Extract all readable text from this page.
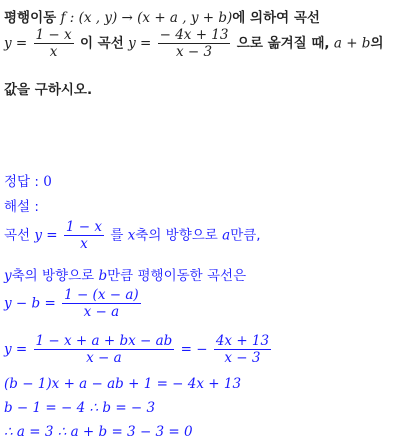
평행이동 f : (x , y) → (x + a , y + b)에 의하여 곡선
$y = \frac{1 - x}{x}$ 이 곡선 $y = \frac{- 4x + 13}{x - 3}$ 으로 옮겨질 때, a + b의
값을 구하시오.
정답 : 0
해설 :
곡선 $y = \frac{1 - x}{x}$ 를 x축의 방향으로 a만큼,
y축의 방향으로 b만큼 평행이동한 곡선은
$y - b = \frac{1 - (x - a)}{x - a}$
$y = \frac{1 - x + a + bx - ab}{x - a}$ = − $\frac{4x + 13}{x - 3}$
(b − 1)x + a − ab + 1 = − 4x + 13
b − 1 = − 4 ∴ b = − 3
∴ a = 3 ∴ a + b = 3 − 3 = 0
